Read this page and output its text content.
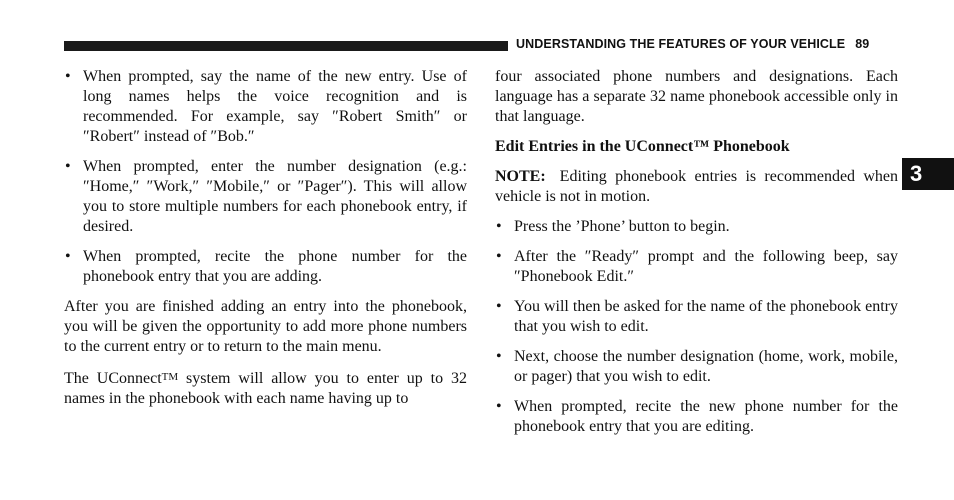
UNDERSTANDING THE FEATURES OF YOUR VEHICLE 89
3

• When prompted, say the name of the new entry. Use of long names helps the voice recognition and is recommended. For example, say ″Robert Smith″ or ″Robert″ instead of ″Bob.″

• When prompted, enter the number designation (e.g.: ″Home,″ ″Work,″ ″Mobile,″ or ″Pager″). This will allow you to store multiple numbers for each phonebook entry, if desired.

• When prompted, recite the phone number for the phonebook entry that you are adding.

After you are finished adding an entry into the phonebook, you will be given the opportunity to add more phone numbers to the current entry or to return to the main menu.

The UConnectTM system will allow you to enter up to 32 names in the phonebook with each name having up to

four associated phone numbers and designations. Each language has a separate 32 name phonebook accessible only in that language.

Edit Entries in the UConnect™ Phonebook

NOTE: Editing phonebook entries is recommended when vehicle is not in motion.

• Press the ’Phone’ button to begin.

• After the ″Ready″ prompt and the following beep, say ″Phonebook Edit.″

• You will then be asked for the name of the phonebook entry that you wish to edit.

• Next, choose the number designation (home, work, mobile, or pager) that you wish to edit.

• When prompted, recite the new phone number for the phonebook entry that you are editing.
